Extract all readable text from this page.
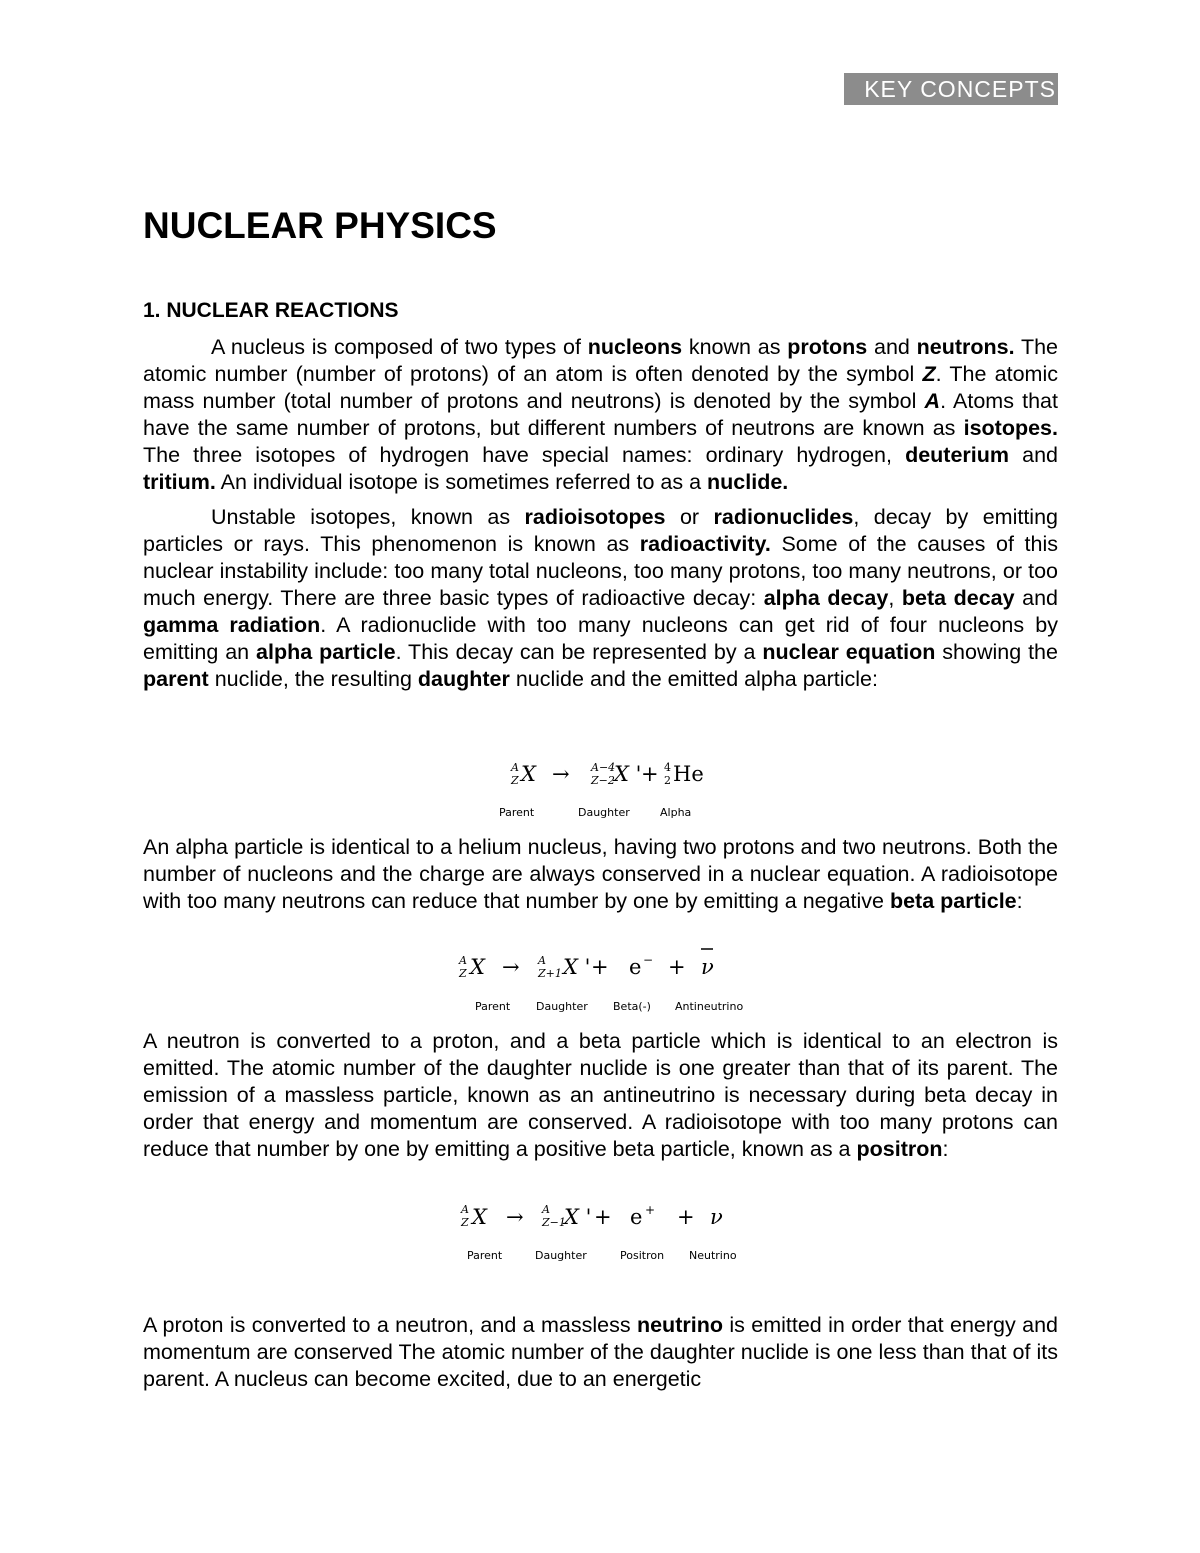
KEY CONCEPTS
NUCLEAR PHYSICS
1. NUCLEAR REACTIONS

A nucleus is composed of two types of nucleons known as protons and neutrons. The atomic number (number of protons) of an atom is often denoted by the symbol Z. The atomic mass number (total number of protons and neutrons) is denoted by the symbol A. Atoms that have the same number of protons, but different numbers of neutrons are known as isotopes. The three isotopes of hydrogen have special names: ordinary hydrogen, deuterium and tritium. An individual isotope is sometimes referred to as a nuclide.

Unstable isotopes, known as radioisotopes or radionuclides, decay by emitting particles or rays. This phenomenon is known as radioactivity. Some of the causes of this nuclear instability include: too many total nucleons, too many protons, too many neutrons, or too much energy. There are three basic types of radioactive decay: alpha decay, beta decay and gamma radiation. A radionuclide with too many nucleons can get rid of four nucleons by emitting an alpha particle. This decay can be represented by a nuclear equation showing the parent nuclide, the resulting daughter nuclide and the emitted alpha particle:

A
Z X → A−4
Z−2 X ' + 4
2 He
Parent	Daughter	Alpha

An alpha particle is identical to a helium nucleus, having two protons and two neutrons. Both the number of nucleons and the charge are always conserved in a nuclear equation. A radioisotope with too many neutrons can reduce that number by one by emitting a negative beta particle:

A
Z X → A
Z+1 X ' + e − + ν
Parent Daughter Beta(-) Antineutrino

A neutron is converted to a proton, and a beta particle which is identical to an electron is emitted. The atomic number of the daughter nuclide is one greater than that of its parent. The emission of a massless particle, known as an antineutrino is necessary during beta decay in order that energy and momentum are conserved. A radioisotope with too many protons can reduce that number by one by emitting a positive beta particle, known as a positron:

A
Z X → A
Z−1
X ' + e + + ν
Parent	Daughter	Positron Neutrino

A proton is converted to a neutron, and a massless neutrino is emitted in order that energy and momentum are conserved The atomic number of the daughter nuclide is one less than that of its parent. A nucleus can become excited, due to an energetic
